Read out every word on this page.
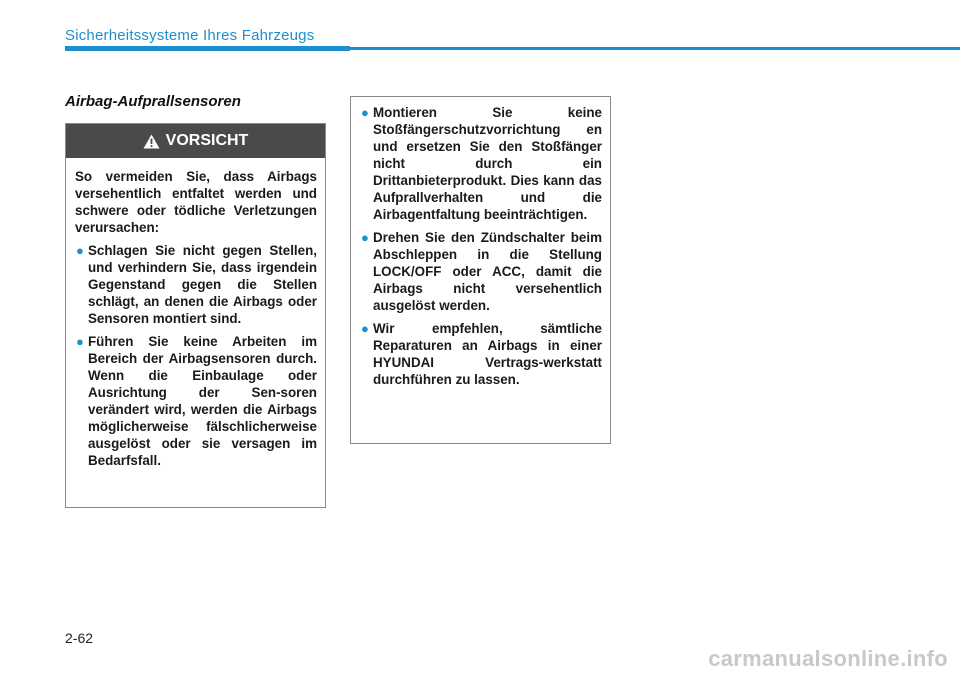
Sicherheitssysteme Ihres Fahrzeugs
Airbag-Aufprallsensoren
VORSICHT

So vermeiden Sie, dass Airbags versehentlich entfaltet werden und schwere oder tödliche Verletzungen verursachen:

● Schlagen Sie nicht gegen Stellen, und verhindern Sie, dass irgendein Gegenstand gegen die Stellen schlägt, an denen die Airbags oder Sensoren montiert sind.
● Führen Sie keine Arbeiten im Bereich der Airbagsensoren durch. Wenn die Einbaulage oder Ausrichtung der Sen-soren verändert wird, werden die Airbags möglicherweise fälschlicherweise ausgelöst oder sie versagen im Bedarfsfall.
● Montieren Sie keine Stoßfängerschutzvorrichtung en und ersetzen Sie den Stoßfänger nicht durch ein Drittanbieterprodukt. Dies kann das Aufprallverhalten und die Airbagentfaltung beeinträchtigen.
● Drehen Sie den Zündschalter beim Abschleppen in die Stellung LOCK/OFF oder ACC, damit die Airbags nicht versehentlich ausgelöst werden.
● Wir empfehlen, sämtliche Reparaturen an Airbags in einer HYUNDAI Vertrags-werkstatt durchführen zu lassen.
2-62
carmanualsonline.info
